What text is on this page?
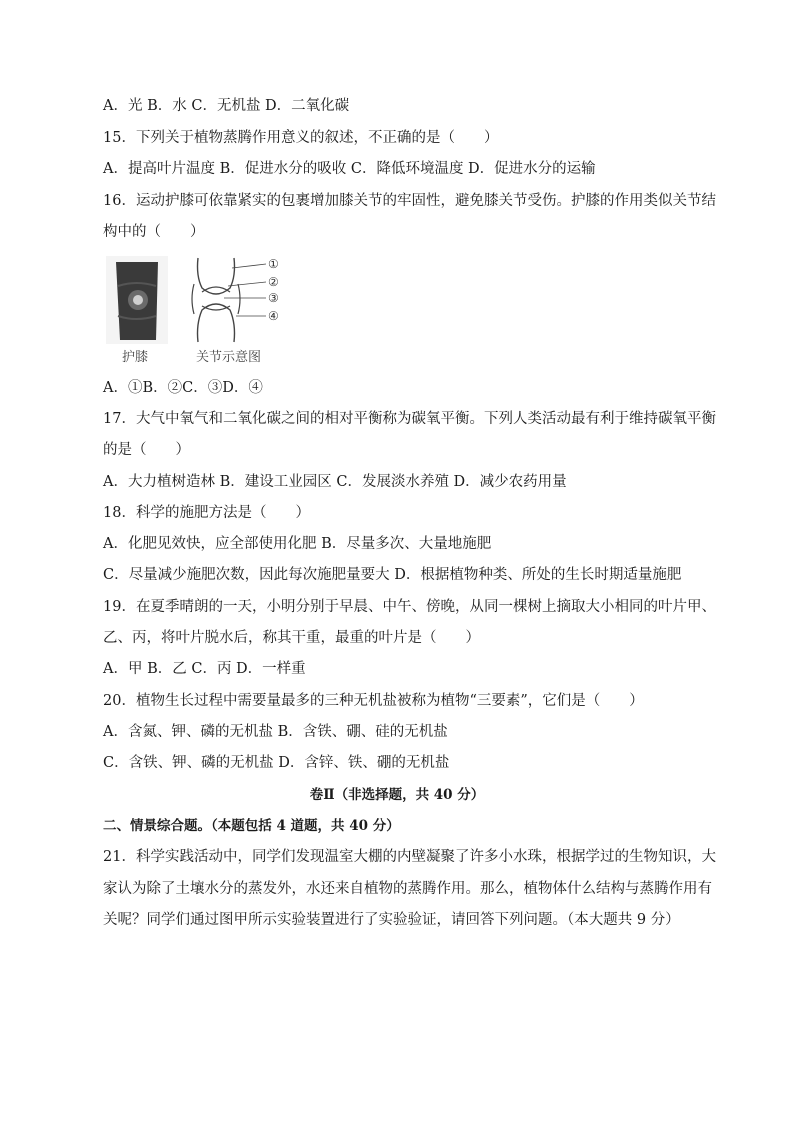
A．光 B．水 C．无机盐 D．二氧化碳
15．下列关于植物蒸腾作用意义的叙述，不正确的是（　　）
A．提高叶片温度 B．促进水分的吸收 C．降低环境温度 D．促进水分的运输
16．运动护膝可依靠紧实的包裹增加膝关节的牢固性，避免膝关节受伤。护膝的作用类似关节结
构中的（　　）
①
②
③
④
护膝	关节示意图
A．①B．②C．③D．④
17．大气中氧气和二氧化碳之间的相对平衡称为碳氧平衡。下列人类活动最有利于维持碳氧平衡
的是（　　）
A．大力植树造林 B．建设工业园区 C．发展淡水养殖 D．减少农药用量
18．科学的施肥方法是（　　）
A．化肥见效快，应全部使用化肥 B．尽量多次、大量地施肥
C．尽量减少施肥次数，因此每次施肥量要大 D．根据植物种类、所处的生长时期适量施肥
19．在夏季晴朗的一天，小明分别于早晨、中午、傍晚，从同一棵树上摘取大小相同的叶片甲、
乙、丙，将叶片脱水后，称其干重，最重的叶片是（　　）
A．甲 B．乙 C．丙 D．一样重
20．植物生长过程中需要量最多的三种无机盐被称为植物“三要素”，它们是（　　）
A．含氮、钾、磷的无机盐 B．含铁、硼、硅的无机盐
C．含铁、钾、磷的无机盐 D．含锌、铁、硼的无机盐
卷Ⅱ（非选择题，共 40 分）
二、情景综合题。（本题包括 4 道题，共 40 分）
21．科学实践活动中，同学们发现温室大棚的内壁凝聚了许多小水珠，根据学过的生物知识，大
家认为除了土壤水分的蒸发外，水还来自植物的蒸腾作用。那么，植物体什么结构与蒸腾作用有
关呢？同学们通过图甲所示实验装置进行了实验验证，请回答下列问题。（本大题共 9 分）
